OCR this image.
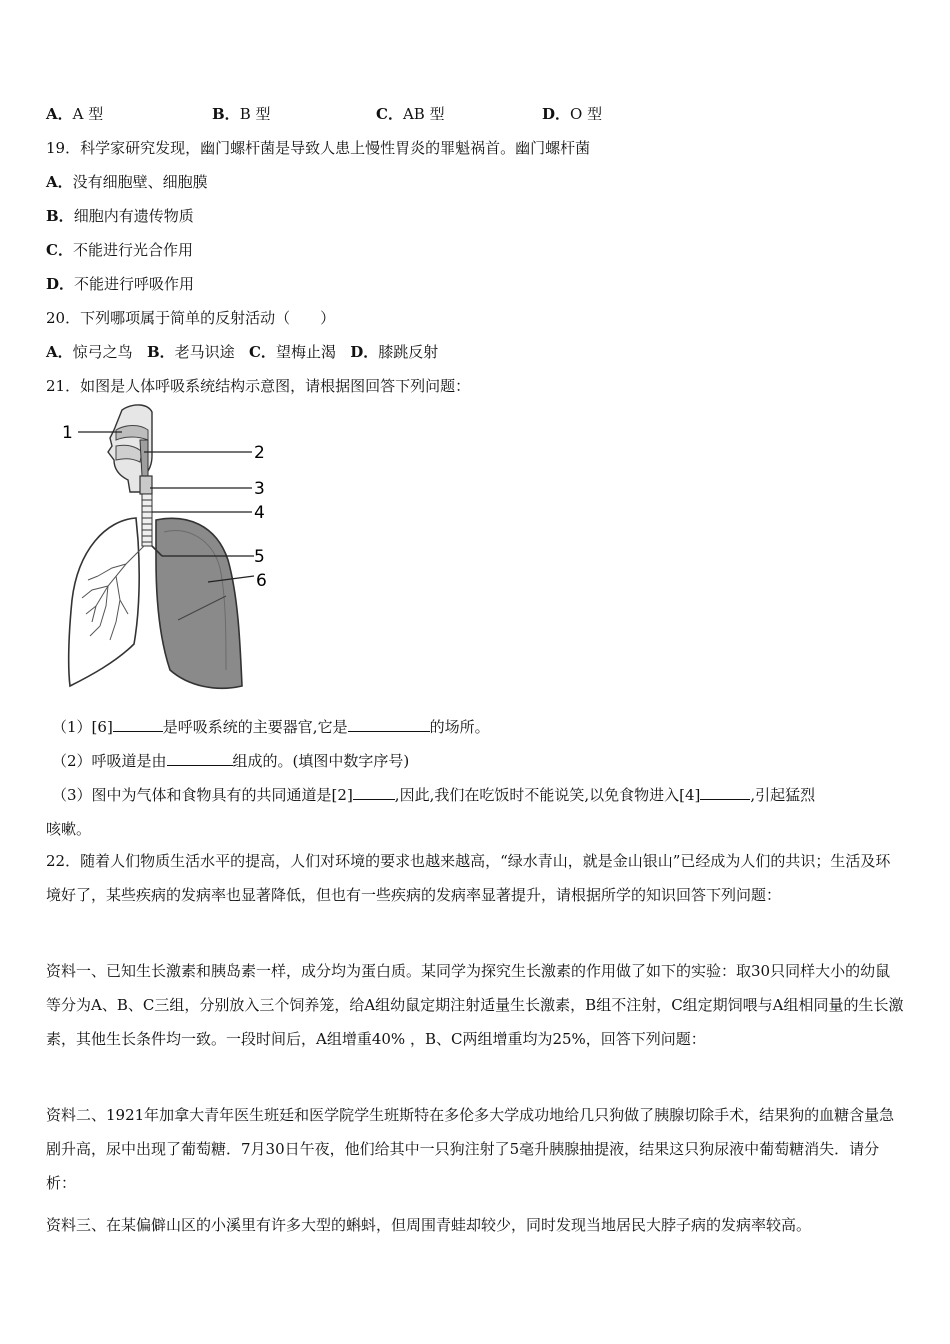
A．A 型	B．B 型	C．AB 型	D．O 型
19．科学家研究发现，幽门螺杆菌是导致人患上慢性胃炎的罪魁祸首。幽门螺杆菌
A．没有细胞壁、细胞膜
B．细胞内有遗传物质
C．不能进行光合作用
D．不能进行呼吸作用
20．下列哪项属于简单的反射活动（　　）
A．惊弓之鸟 B．老马识途 C．望梅止渴 D．膝跳反射
21．如图是人体呼吸系统结构示意图，请根据图回答下列问题：
1
2
3
4
5
6
（1）[6]	是呼吸系统的主要器官,它是	的场所。
（2）呼吸道是由	组成的。(填图中数字序号)
（3）图中为气体和食物具有的共同通道是[2]	,因此,我们在吃饭时不能说笑,以免食物进入[4]	,引起猛烈
咳嗽。
22．随着人们物质生活水平的提高，人们对环境的要求也越来越高，“绿水青山，就是金山银山”已经成为人们的共识；生活及环境好了，某些疾病的发病率也显著降低，但也有一些疾病的发病率显著提升，请根据所学的知识回答下列问题：
资料一、已知生长激素和胰岛素一样，成分均为蛋白质。某同学为探究生长激素的作用做了如下的实验：取30只同样大小的幼鼠等分为A、B、C三组，分别放入三个饲养笼，给A组幼鼠定期注射适量生长激素，B组不注射，C组定期饲喂与A组相同量的生长激素，其他生长条件均一致。一段时间后，A组增重40% ，B、C两组增重均为25%，回答下列问题：
资料二、1921年加拿大青年医生班廷和医学院学生班斯特在多伦多大学成功地给几只狗做了胰腺切除手术，结果狗的血糖含量急剧升高，尿中出现了葡萄糖．7月30日午夜，他们给其中一只狗注射了5毫升胰腺抽提液，结果这只狗尿液中葡萄糖消失．请分析：
资料三、在某偏僻山区的小溪里有许多大型的蝌蚪，但周围青蛙却较少，同时发现当地居民大脖子病的发病率较高。
